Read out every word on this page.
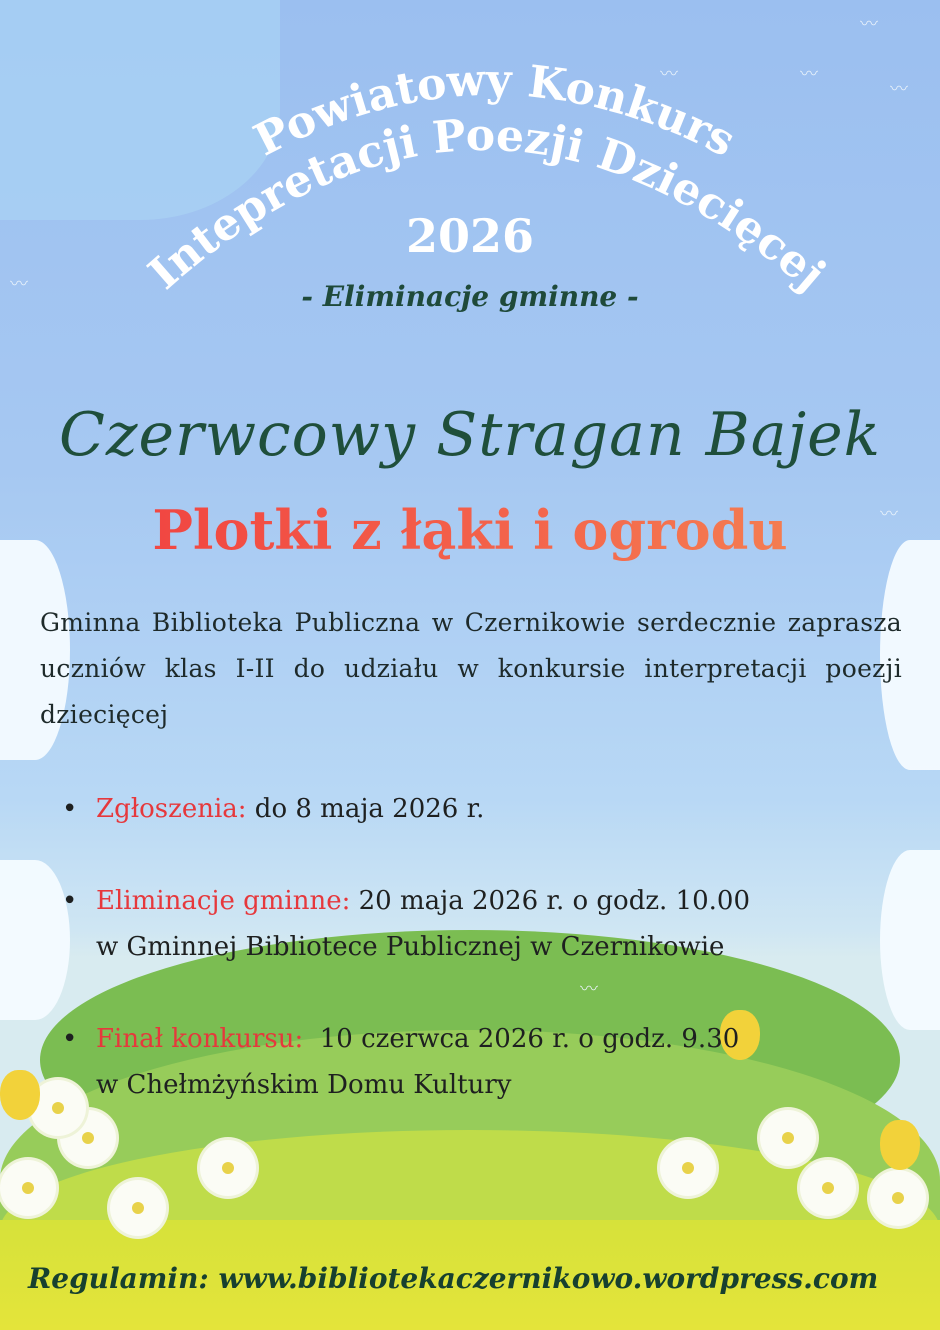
Powiatowy Konkurs
Intepretacji Poezji Dziecięcej
2026
〰	〰
〰
〰
〰
〰
〰
- Eliminacje gminne -
Czerwcowy Stragan Bajek
Plotki z łąki i ogrodu
Gminna Biblioteka Publiczna w Czernikowie serdecznie zaprasza uczniów klas I-II do udziału w konkursie interpretacji poezji dziecięcej
• Zgłoszenia: do 8 maja 2026 r.
• Eliminacje gminne: 20 maja 2026 r. o godz. 10.00
w Gminnej Bibliotece Publicznej w Czernikowie
• Finał konkursu:  10 czerwca 2026 r. o godz. 9.30
w Chełmżyńskim Domu Kultury
Regulamin: www.bibliotekaczernikowo.wordpress.com
